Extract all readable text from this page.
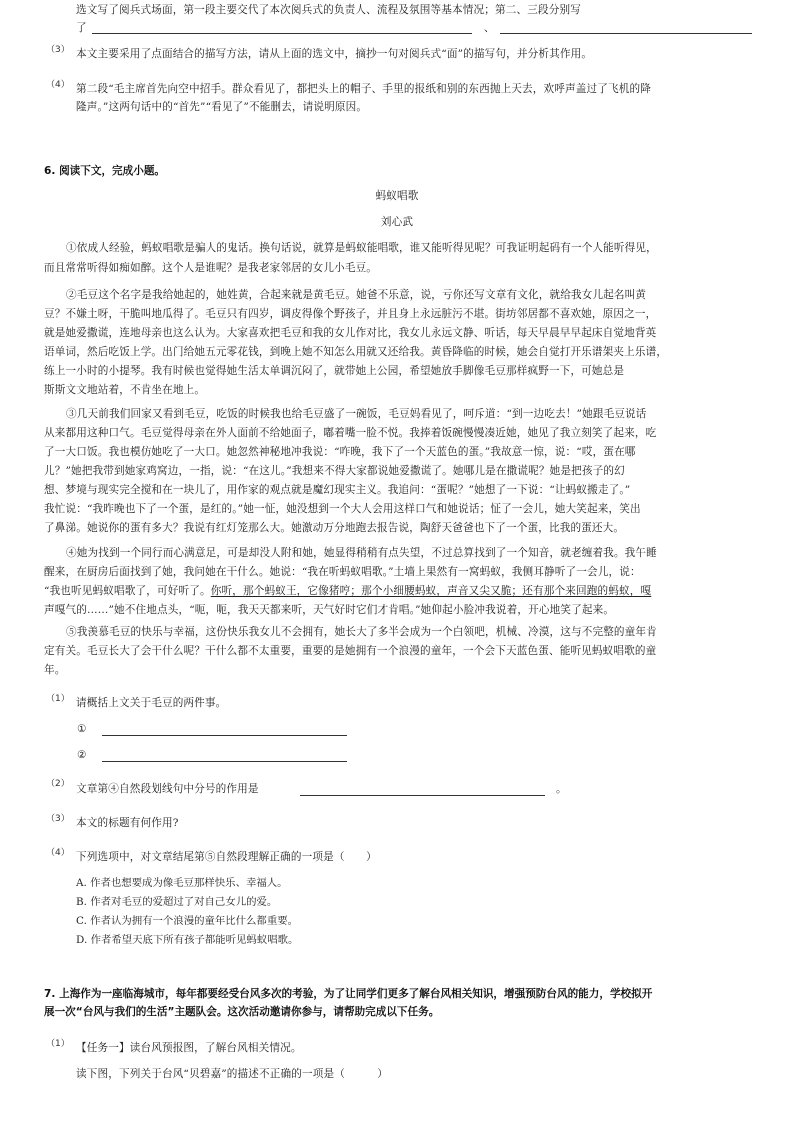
选文写了阅兵式场面，第一段主要交代了本次阅兵式的负责人、流程及氛围等基本情况；第二、三段分别写
了	、
（3） 本文主要采用了点面结合的描写方法，请从上面的选文中，摘抄一句对阅兵式“面”的描写句，并分析其作用。
（4） 第二段“毛主席首先向空中招手。群众看见了，都把头上的帽子、手里的报纸和别的东西抛上天去，欢呼声盖过了飞机的降
隆声。”这两句话中的“首先”“看见了”不能删去，请说明原因。
6. 阅读下文，完成小题。
蚂蚁唱歌
刘心武
①依成人经验，蚂蚁唱歌是骗人的鬼话。换句话说，就算是蚂蚁能唱歌，谁又能听得见呢？可我证明起码有一个人能听得见，
而且常常听得如痴如醉。这个人是谁呢？是我老家邻居的女儿小毛豆。
②毛豆这个名字是我给她起的，她姓黄，合起来就是黄毛豆。她爸不乐意，说，亏你还写文章有文化，就给我女儿起名叫黄
豆？不嫌土呀，干脆叫地瓜得了。毛豆只有四岁，调皮得像个野孩子，并且身上永远脏污不堪。街坊邻居都不喜欢她，原因之一，
就是她爱撒谎，连地母亲也这么认为。大家喜欢把毛豆和我的女儿作对比，我女儿永远文静、听话，每天早晨早早起床自觉地背英
语单词，然后吃饭上学。出门给她五元零花钱，到晚上她不知怎么用就又还给我。黄昏降临的时候，她会自觉打开乐谱架夹上乐谱，
练上一小时的小提琴。我有时候也觉得她生活太单调沉闷了，就带她上公园，希望她放手脚像毛豆那样疯野一下，可她总是
斯斯文文地站着，不肯坐在地上。
③几天前我们回家又看到毛豆，吃饭的时候我也给毛豆盛了一碗饭，毛豆妈看见了，呵斥道：“到一边吃去！”她跟毛豆说话
从来都用这种口气。毛豆觉得母亲在外人面前不给她面子，嘟着嘴一脸不悦。我捧着饭碗慢慢凑近她，她见了我立刻笑了起来，吃
了一大口饭。我也模仿她吃了一大口。她忽然神秘地冲我说：“咋晚，我下了一个天蓝色的蛋。”我故意一惊，说：“哎，蛋在哪
儿？”她把我带到她家鸡窝边，一指，说：“在这儿。”我想来不得大家都说她爱撒谎了。她哪儿是在撒谎呢？她是把孩子的幻
想、梦境与现实完全搅和在一块儿了，用作家的观点就是魔幻现实主义。我追问：“蛋呢？”她想了一下说：“让蚂蚁搬走了。”
我忙说：“我昨晚也下了一个蛋，是红的。”她一怔，她没想到一个大人会用这样口气和她说话；怔了一会儿，她大笑起来，笑出
了鼻涕。她说你的蛋有多大？我说有红灯笼那么大。她激动万分地跑去报告说，陶舒天爸爸也下了一个蛋，比我的蛋还大。
④她为找到一个同行而心满意足，可是却没人附和她，她显得稍稍有点失望，不过总算找到了一个知音，就老缠着我。我午睡
醒来，在厨房后面找到了她，我问她在干什么。她说：“我在听蚂蚁唱歌。”土墙上果然有一窝蚂蚁，我侧耳静听了一会儿，说：
“我也听见蚂蚁唱歌了，可好听了。你听，那个蚂蚁王，它像猪哼；那个小细腰蚂蚁，声音又尖又脆；还有那个来回跑的蚂蚁，嘎
声嘎气的……”她不住地点头，“呃，呃，我天天都来听，天气好时它们才肯唱。”她仰起小脸冲我说着，开心地笑了起来。
⑤我羡慕毛豆的快乐与幸福，这份快乐我女儿不会拥有，她长大了多半会成为一个白领吧，机械、冷漠，这与不完整的童年肯
定有关。毛豆长大了会干什么呢？干什么都不太重要，重要的是她拥有一个浪漫的童年，一个会下天蓝色蛋、能听见蚂蚁唱歌的童
年。
（1） 请概括上文关于毛豆的两件事。
①
②
（2） 文章第④自然段划线句中分号的作用是	。
（3） 本文的标题有何作用?
（4） 下列选项中，对文章结尾第⑤自然段理解正确的一项是（　　）
A. 作者也想要成为像毛豆那样快乐、幸福人。
B. 作者对毛豆的爱超过了对自己女儿的爱。
C. 作者认为拥有一个浪漫的童年比什么都重要。
D. 作者希望天底下所有孩子都能听见蚂蚁唱歌。
7. 上海作为一座临海城市，每年都要经受台风多次的考验，为了让同学们更多了解台风相关知识，增强预防台风的能力，学校拟开
展一次“台风与我们的生活”主题队会。这次活动邀请你参与，请帮助完成以下任务。
（1） 【任务一】读台风预报图，了解台风相关情况。
读下图，下列关于台风“贝碧嘉”的描述不正确的一项是（　　　）
